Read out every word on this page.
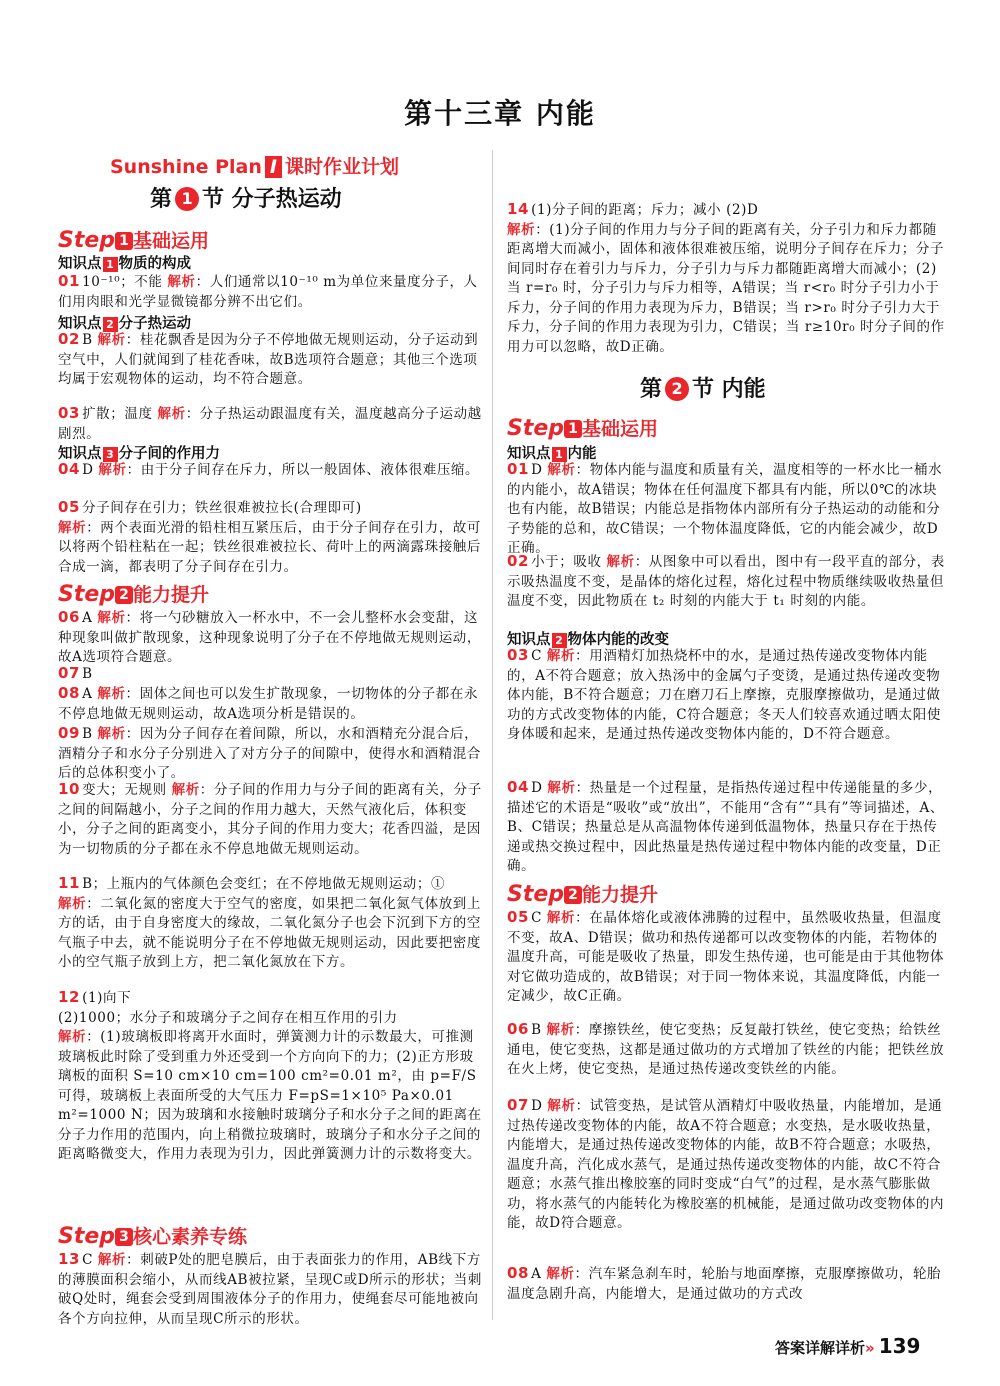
第十三章 内能
Sunshine Plan I 课时作业计划
第 1 节 分子热运动
Step 1 基础运用
知识点 1 物质的构成
01 10⁻¹⁰；不能 解析：人们通常以10⁻¹⁰ m为单位来量度分子，人们用肉眼和光学显微镜都分辨不出它们。
知识点 2 分子热运动
02 B 解析：桂花飘香是因为分子不停地做无规则运动，分子运动到空气中，人们就闻到了桂花香味，故B选项符合题意；其他三个选项均属于宏观物体的运动，均不符合题意。
03 扩散；温度 解析：分子热运动跟温度有关，温度越高分子运动越剧烈。
知识点 3 分子间的作用力
04 D 解析：由于分子间存在斥力，所以一般固体、液体很难压缩。
05 分子间存在引力；铁丝很难被拉长(合理即可)
解析：两个表面光滑的铅柱相互紧压后，由于分子间存在引力，故可以将两个铅柱粘在一起；铁丝很难被拉长、荷叶上的两滴露珠接触后合成一滴，都表明了分子间存在引力。
Step 2 能力提升
06 A 解析：将一勺砂糖放入一杯水中，不一会儿整杯水会变甜，这种现象叫做扩散现象，这种现象说明了分子在不停地做无规则运动，故A选项符合题意。
07 B
08 A 解析：固体之间也可以发生扩散现象，一切物体的分子都在永不停息地做无规则运动，故A选项分析是错误的。
09 B 解析：因为分子间存在着间隙，所以，水和酒精充分混合后，酒精分子和水分子分别进入了对方分子的间隙中，使得水和酒精混合后的总体积变小了。
10 变大；无规则 解析：分子间的作用力与分子间的距离有关，分子之间的间隔越小，分子之间的作用力越大，天然气液化后，体积变小，分子之间的距离变小，其分子间的作用力变大；花香四溢，是因为一切物质的分子都在永不停息地做无规则运动。
11 B；上瓶内的气体颜色会变红；在不停地做无规则运动；①
解析：二氧化氮的密度大于空气的密度，如果把二氧化氮气体放到上方的话，由于自身密度大的缘故，二氧化氮分子也会下沉到下方的空气瓶子中去，就不能说明分子在不停地做无规则运动，因此要把密度小的空气瓶子放到上方，把二氧化氮放在下方。
12 (1)向下
(2)1000；水分子和玻璃分子之间存在相互作用的引力
解析：(1)玻璃板即将离开水面时，弹簧测力计的示数最大，可推测玻璃板此时除了受到重力外还受到一个方向向下的力；(2)正方形玻璃板的面积 S=10 cm×10 cm=100 cm²=0.01 m²，由 p=F/S 可得，玻璃板上表面所受的大气压力 F=pS=1×10⁵ Pa×0.01 m²=1000 N；因为玻璃和水接触时玻璃分子和水分子之间的距离在分子力作用的范围内，向上稍微拉玻璃时，玻璃分子和水分子之间的距离略微变大，作用力表现为引力，因此弹簧测力计的示数将变大。
Step 3 核心素养专练
13 C 解析：刺破P处的肥皂膜后，由于表面张力的作用，AB线下方的薄膜面积会缩小，从而线AB被拉紧，呈现C或D所示的形状；当刺破Q处时，绳套会受到周围液体分子的作用力，使绳套尽可能地被向各个方向拉伸，从而呈现C所示的形状。
14 (1)分子间的距离；斥力；减小 (2)D
解析：(1)分子间的作用力与分子间的距离有关，分子引力和斥力都随距离增大而减小，固体和液体很难被压缩，说明分子间存在斥力；分子间同时存在着引力与斥力，分子引力与斥力都随距离增大而减小；(2)当 r=r₀ 时，分子引力与斥力相等，A错误；当 r<r₀ 时分子引力小于斥力，分子间的作用力表现为斥力，B错误；当 r>r₀ 时分子引力大于斥力，分子间的作用力表现为引力，C错误；当 r≥10r₀ 时分子间的作用力可以忽略，故D正确。
第 2 节 内能
Step 1 基础运用
知识点 1 内能
01 D 解析：物体内能与温度和质量有关，温度相等的一杯水比一桶水的内能小，故A错误；物体在任何温度下都具有内能，所以0℃的冰块也有内能，故B错误；内能总是指物体内部所有分子热运动的动能和分子势能的总和，故C错误；一个物体温度降低，它的内能会减少，故D正确。
02 小于；吸收 解析：从图象中可以看出，图中有一段平直的部分，表示吸热温度不变，是晶体的熔化过程，熔化过程中物质继续吸收热量但温度不变，因此物质在 t₂ 时刻的内能大于 t₁ 时刻的内能。
知识点 2 物体内能的改变
03 C 解析：用酒精灯加热烧杯中的水，是通过热传递改变物体内能的，A不符合题意；放入热汤中的金属勺子变烫，是通过热传递改变物体内能，B不符合题意；刀在磨刀石上摩擦，克服摩擦做功，是通过做功的方式改变物体的内能，C符合题意；冬天人们较喜欢通过晒太阳使身体暖和起来，是通过热传递改变物体内能的，D不符合题意。
04 D 解析：热量是一个过程量，是指热传递过程中传递能量的多少，描述它的术语是“吸收”或“放出”，不能用“含有”“具有”等词描述，A、B、C错误；热量总是从高温物体传递到低温物体，热量只存在于热传递或热交换过程中，因此热量是热传递过程中物体内能的改变量，D正确。
Step 2 能力提升
05 C 解析：在晶体熔化或液体沸腾的过程中，虽然吸收热量，但温度不变，故A、D错误；做功和热传递都可以改变物体的内能，若物体的温度升高，可能是吸收了热量，即发生热传递，也可能是由于其他物体对它做功造成的，故B错误；对于同一物体来说，其温度降低，内能一定减少，故C正确。
06 B 解析：摩擦铁丝，使它变热；反复敲打铁丝，使它变热；给铁丝通电，使它变热，这都是通过做功的方式增加了铁丝的内能；把铁丝放在火上烤，使它变热，是通过热传递改变铁丝的内能。
07 D 解析：试管变热，是试管从酒精灯中吸收热量，内能增加，是通过热传递改变物体的内能，故A不符合题意；水变热，是水吸收热量，内能增大，是通过热传递改变物体的内能，故B不符合题意；水吸热，温度升高，汽化成水蒸气，是通过热传递改变物体的内能，故C不符合题意；水蒸气推出橡胶塞的同时变成“白气”的过程，是水蒸气膨胀做功，将水蒸气的内能转化为橡胶塞的机械能，是通过做功改变物体的内能，故D符合题意。
08 A 解析：汽车紧急刹车时，轮胎与地面摩擦，克服摩擦做功，轮胎温度急剧升高，内能增大，是通过做功的方式改
答案详解详析» 139
